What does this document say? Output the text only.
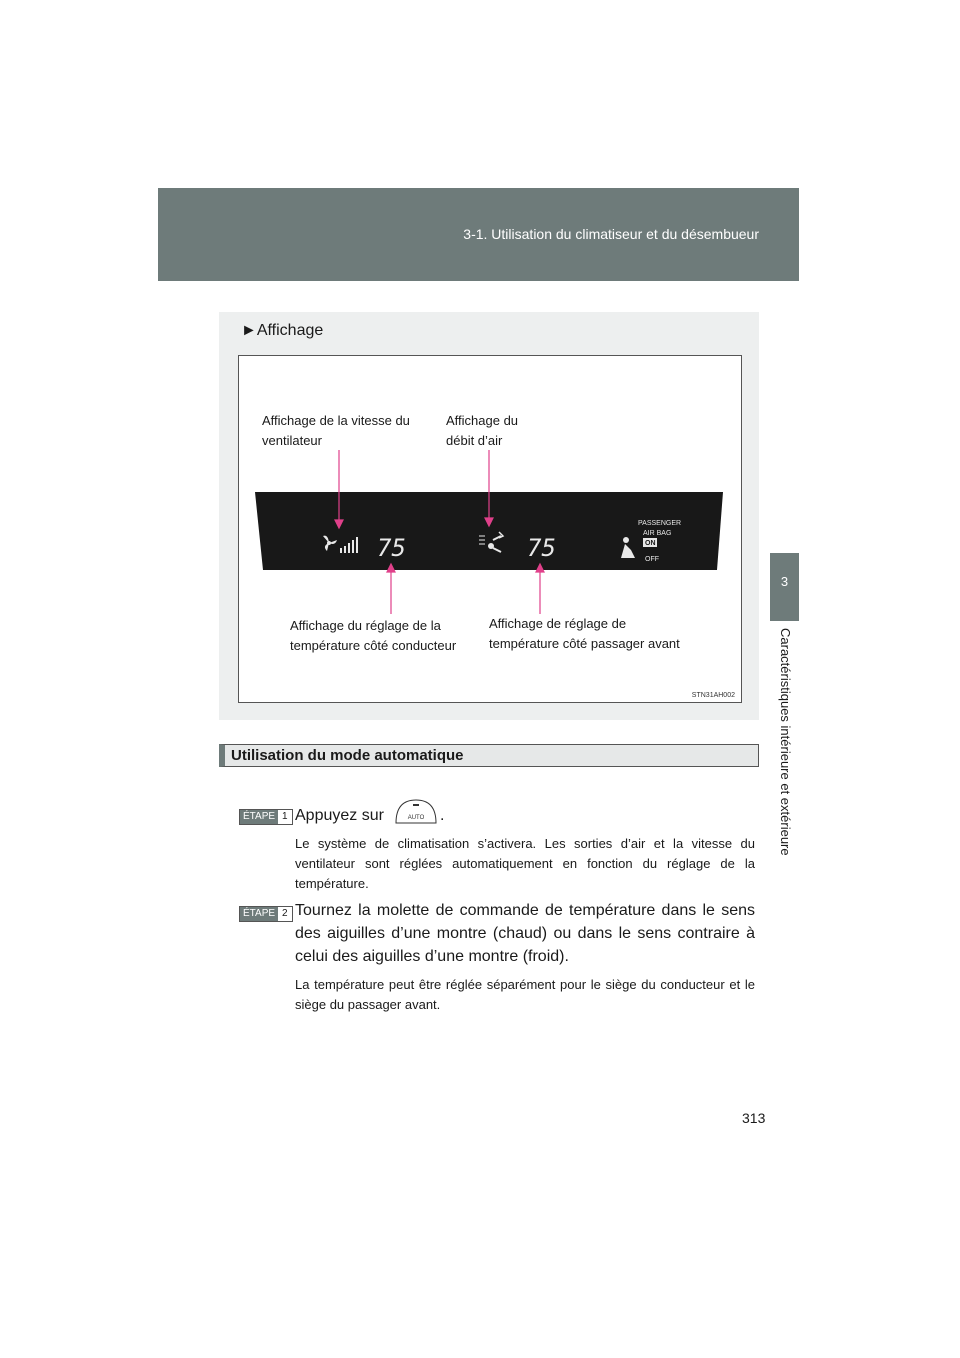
3-1. Utilisation du climatiseur et du désembueur
3
Caractéristiques intérieure et extérieure
►Affichage
Affichage de la vitesse du
ventilateur
Affichage du
débit d’air
Affichage du réglage de la
température côté conducteur
Affichage de réglage de
température côté passager avant
75	75
PASSENGER
AIR BAG
ON
OFF
STN31AH002
Utilisation du mode automatique
ÉTAPE 1 Appuyez sur	AUTO .
Le système de climatisation s’activera. Les sorties d’air et la vitesse du ventilateur sont réglées automatiquement en fonction du réglage de la température.
ÉTAPE 2 Tournez la molette de commande de température dans le sens des aiguilles d’une montre (chaud) ou dans le sens contraire à celui des aiguilles d’une montre (froid).
La température peut être réglée séparément pour le siège du conducteur et le siège du passager avant.
313
